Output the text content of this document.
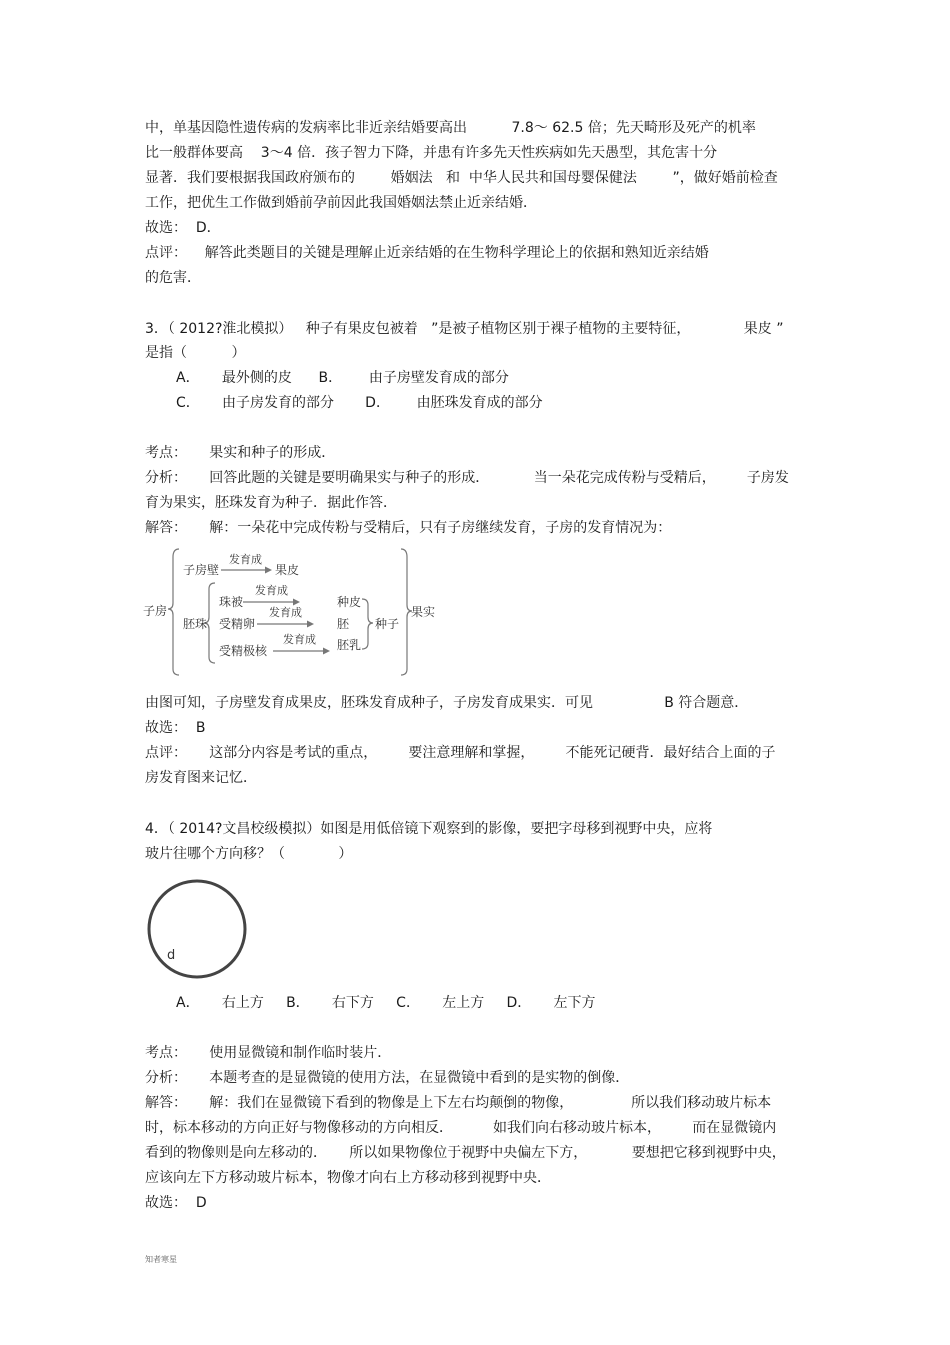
中，单基因隐性遗传病的发病率比非近亲结婚要高出          7.8～ 62.5 倍；先天畸形及死产的机率
比一般群体要高    3～4 倍．孩子智力下降，并患有许多先天性疾病如先天愚型，其危害十分
显著．我们要根据我国政府颁布的        婚姻法   和  中华人民共和国母婴保健法        ”，做好婚前检查
工作，把优生工作做到婚前孕前因此我国婚姻法禁止近亲结婚．
故选：  D．
点评：    解答此类题目的关键是理解止近亲结婚的在生物科学理论上的依据和熟知近亲结婚
的危害．
3．（ 2012?淮北模拟）   种子有果皮包被着   ”是被子植物区别于裸子植物的主要特征，            果皮 ”
是指（          ）
A．     最外侧的皮      B．      由子房壁发育成的部分
C．     由子房发育的部分       D．      由胚珠发育成的部分
考点：     果实和种子的形成．
分析：     回答此题的关键是要明确果实与种子的形成．          当一朵花完成传粉与受精后，       子房发
育为果实，胚珠发育为种子．据此作答．
解答：     解：一朵花中完成传粉与受精后，只有子房继续发育，子房的发育情况为：
子房
子房壁
发育成
果皮
胚珠
珠被
发育成
受精卵
发育成
受精极核
发育成
种皮
胚
胚乳
种子
果实
由图可知，子房壁发育成果皮，胚珠发育成种子，子房发育成果实．可见                B 符合题意．
故选：  B
点评：     这部分内容是考试的重点，       要注意理解和掌握，       不能死记硬背．最好结合上面的子
房发育图来记忆．
4．（ 2014?文昌校级模拟）如图是用低倍镜下观察到的影像，要把字母移到视野中央，应将
玻片往哪个方向移？（            ）
d
A．     右上方     B．     右下方     C．     左上方     D．     左下方
考点：     使用显微镜和制作临时装片．
分析：     本题考查的是显微镜的使用方法，在显微镜中看到的是实物的倒像．
解答：     解：我们在显微镜下看到的物像是上下左右均颠倒的物像，             所以我们移动玻片标本
时，标本移动的方向正好与物像移动的方向相反．         如我们向右移动玻片标本，       而在显微镜内
看到的物像则是向左移动的．     所以如果物像位于视野中央偏左下方，          要想把它移到视野中央，
应该向左下方移动玻片标本，物像才向右上方移动移到视野中央．
故选：  D
知者寒星
